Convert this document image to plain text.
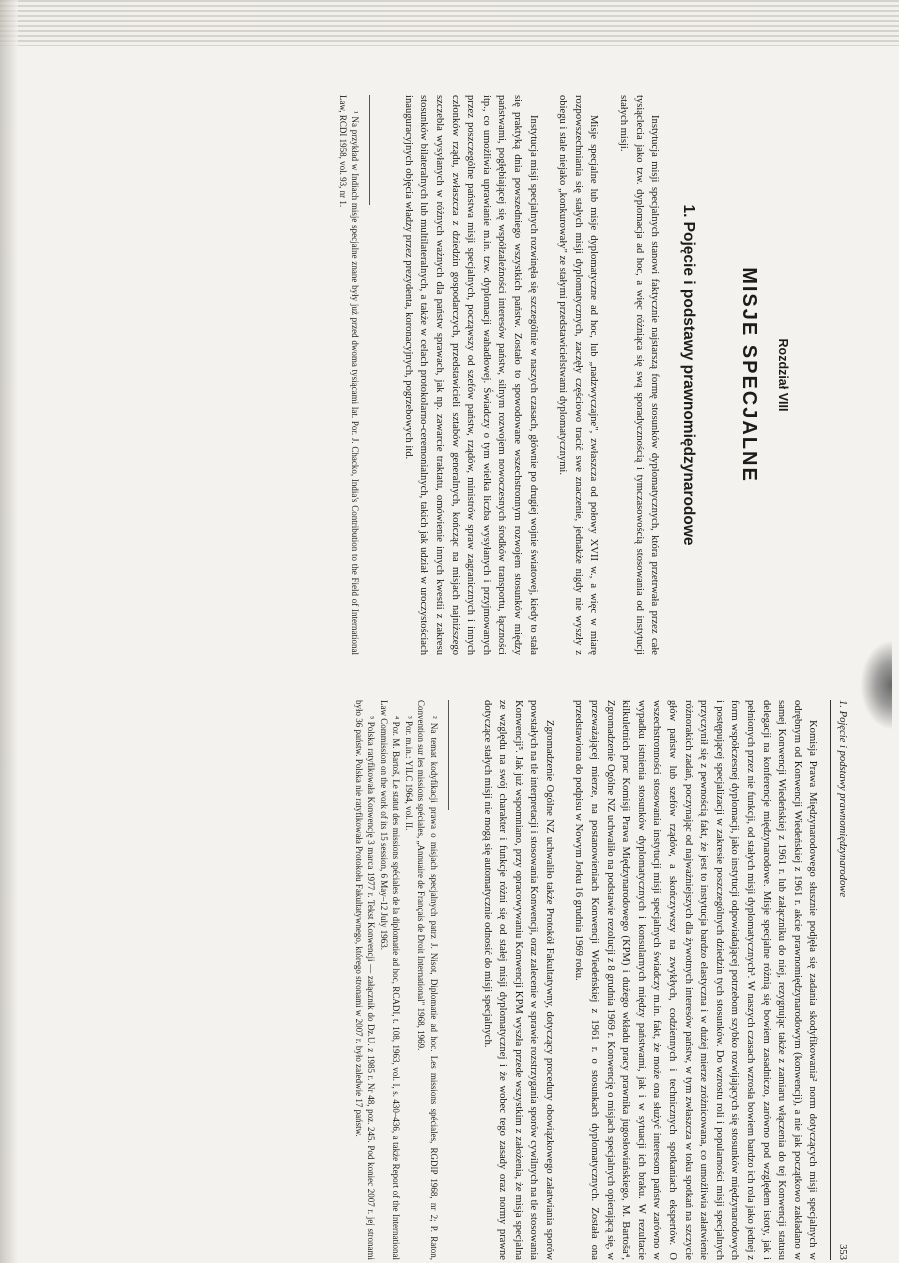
Rozdział VIII
MISJE SPECJALNE
1. Pojęcie i podstawy prawnomiędzynarodowe

Instytucja misji specjalnych stanowi faktycznie najstarszą formę stosunków dyplomatycznych, która przetrwała przez całe tysiąclecia jako tzw. dyplomacja ad hoc, a więc różniąca się swą sporadycznością i tymczasowością stosowania od instytucji stałych misji.

Misje specjalne lub misje dyplomatyczne ad hoc, lub „nadzwyczajne", zwłaszcza od połowy XVII w., a więc w miarę rozpowszechniania się stałych misji dyplomatycznych, zaczęły częściowo tracić swe znaczenie, jednakże nigdy nie wyszły z obiegu i stale niejako „konkurowały" ze stałymi przedstawicielstwami dyplomatycznymi.

Instytucja misji specjalnych rozwinęła się szczególnie w naszych czasach, głównie po drugiej wojnie światowej, kiedy to stała się praktyką dnia powszedniego wszystkich państw. Zostało to spowodowane wszechstronnym rozwojem stosunków między państwami, pogłębiającej się współzależności interesów państw, silnym rozwojem nowoczesnych środków transportu, łączności itp., co umożliwia uprawianie m.in. tzw. dyplomacji wahadłowej. Świadczy o tym wielka liczba wysyłanych i przyjmowanych przez poszczególne państwa misji specjalnych, począwszy od szefów państw, rządów, ministrów spraw zagranicznych i innych członków rządu, zwłaszcza z dziedzin gospodarczych, przedstawicieli sztabów generalnych, kończąc na misjach najniższego szczebla wysyłanych w różnych ważnych dla państw sprawach, jak np. zawarcie traktatu, omówienie innych kwestii z zakresu stosunków bilateralnych lub multilateralnych, a także w celach protokolarno-ceremonialnych, takich jak udział w uroczystościach inauguracyjnych objęcia władzy przez prezydenta, koronacyjnych, pogrzebowych itd.

¹ Na przykład w Indiach misje specjalne znane były już przed dwoma tysiącami lat. Por. J. Chacko, India's Contribution to the Field of International Law, RCDI 1958, vol. 93, nr 1.

1. Pojęcie i podstawy prawnomiędzynarodowe
353

Komisja Prawa Międzynarodowego słusznie podjęła się zadania skodyfikowania² norm dotyczących misji specjalnych w odrębnym od Konwencji Wiedeńskiej z 1961 r. akcie prawnomiędzynarodowym (konwencji), a nie jak początkowo zakładano w samej Konwencji Wiedeńskiej z 1961 r. lub załączniku do niej, rezygnując także z zamiaru włączenia do tej Konwencji statusu delegacji na konferencje międzynarodowe. Misje specjalne różnią się bowiem zasadniczo, zarówno pod względem istoty, jak i pełnionych przez nie funkcji, od stałych misji dyplomatycznych³. W naszych czasach wzrosła bowiem bardzo ich rola jako jednej z form współczesnej dyplomacji, jako instytucji odpowiadającej potrzebom szybko rozwijających się stosunków międzynarodowych i postępującej specjalizacji w zakresie poszczególnych dziedzin tych stosunków. Do wzrostu roli i popularności misji specjalnych przyczynił się z pewnością fakt, że jest to instytucja bardzo elastyczna i w dużej mierze zróżnicowana, co umożliwia załatwienie różnorakich zadań, poczynając od najważniejszych dla żywotnych interesów państw, w tym zwłaszcza w toku spotkań na szczycie głów państw lub szefów rządów, a skończywszy na zwykłych, codziennych i technicznych spotkaniach ekspertów. O wszechstronności stosowania instytucji misji specjalnych świadczy m.in. fakt, że może ona służyć interesom państw zarówno w wypadku istnienia stosunków dyplomatycznych i konsularnych między państwami, jak i w sytuacji ich braku. W rezultacie kilkuletnich prac Komisji Prawa Międzynarodowego (KPM) i dużego wkładu pracy prawnika jugosłowiańskiego, M. Bartoša⁴, Zgromadzenie Ogólne NZ uchwaliło na podstawie rezolucji z 8 grudnia 1969 r. Konwencję o misjach specjalnych opierającą się, w przeważającej mierze, na postanowieniach Konwencji Wiedeńskiej z 1961 r. o stosunkach dyplomatycznych. Została ona przedstawiona do podpisu w Nowym Jorku 16 grudnia 1969 roku.

Zgromadzenie Ogólne NZ uchwaliło także Protokół Fakultatywny, dotyczący procedury obowiązkowego załatwiania sporów powstałych na tle interpretacji i stosowania Konwencji, oraz zalecenie w sprawie rozstrzygania sporów cywilnych na tle stosowania Konwencji⁵. Jak już wspomniano, przy opracowywaniu Konwencji KPM wyszła przede wszystkim z założenia, że misja specjalna ze względu na swój charakter i funkcje różni się od stałej misji dyplomatycznej i że wobec tego zasady oraz normy prawne dotyczące stałych misji nie mogą się automatycznie odnosić do misji specjalnych.

² Na temat kodyfikacji prawa o misjach specjalnych patrz J. Nisot, Diplomatie ad hoc. Les missions spéciales, RGDIP 1968, nr 2; P. Raton, Convention sur les missions spéciales, „Annuaire de Français de Droit International" 1968, 1969.

³ Por. m.in.: YILC 1964, vol. II.

⁴ Por. M. Bartoš, Le statut des missions spéciales de la diplomatie ad hoc, RCADI, t. 108, 1963, vol. I, s. 430–436, a także Report of the International Law Commission on the work of its 15 session, 6 May–12 July 1963.

⁵ Polska ratyfikowała Konwencję 3 marca 1977 r. Tekst Konwencji — załącznik do Dz.U. z 1985 r. Nr 48, poz. 245. Pod koniec 2007 r. jej stronami było 36 państw. Polska nie ratyfikowała Protokołu Fakultatywnego, którego stronami w 2007 r. było zaledwie 17 państw.
